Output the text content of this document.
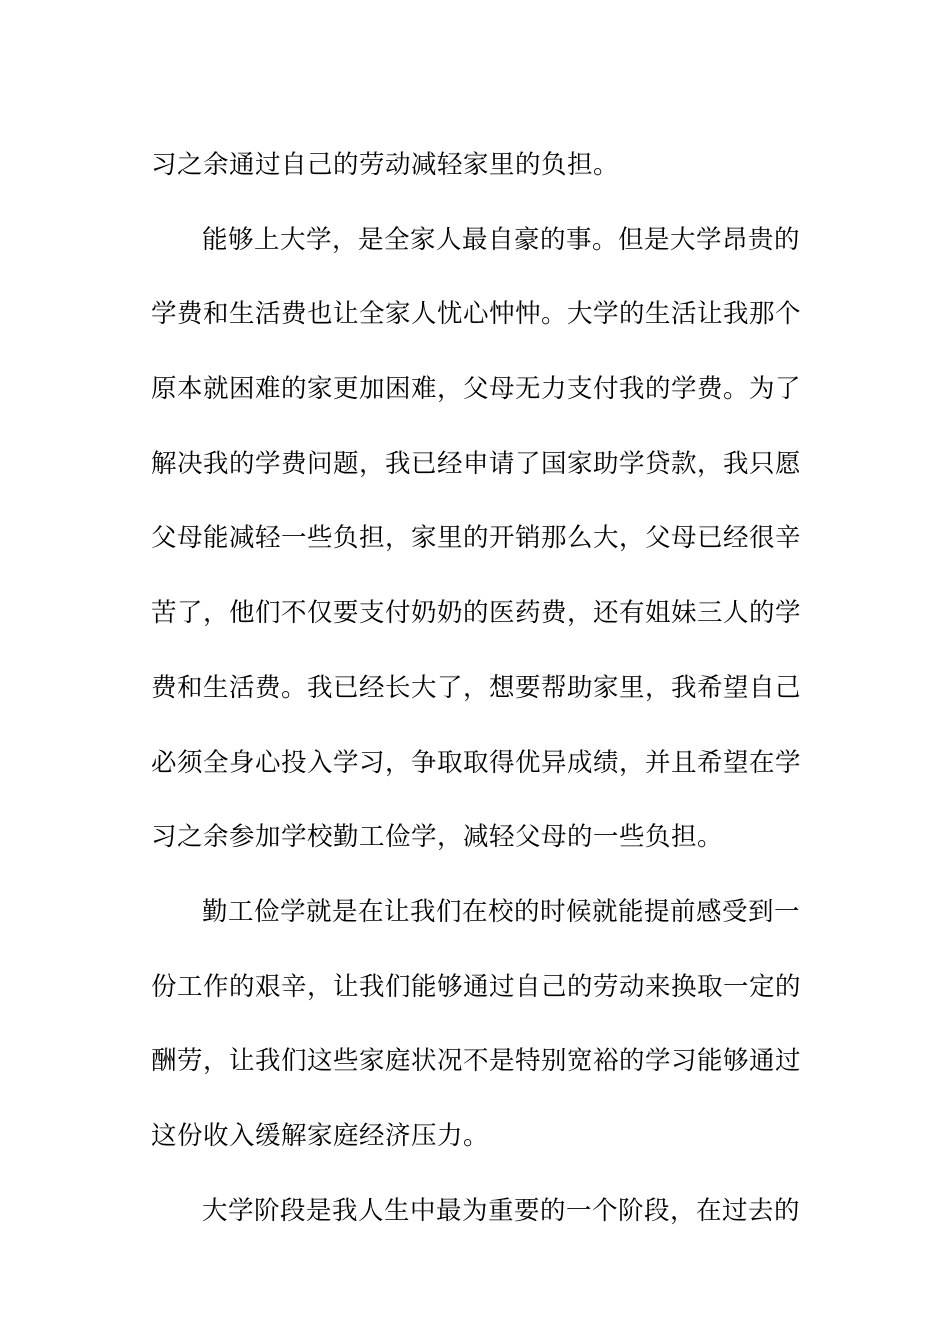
习之余通过自己的劳动减轻家里的负担。
能够上大学，是全家人最自豪的事。但是大学昂贵的
学费和生活费也让全家人忧心忡忡。大学的生活让我那个
原本就困难的家更加困难，父母无力支付我的学费。为了
解决我的学费问题，我已经申请了国家助学贷款，我只愿
父母能减轻一些负担，家里的开销那么大，父母已经很辛
苦了，他们不仅要支付奶奶的医药费，还有姐妹三人的学
费和生活费。我已经长大了，想要帮助家里，我希望自己
必须全身心投入学习，争取取得优异成绩，并且希望在学
习之余参加学校勤工俭学，减轻父母的一些负担。
勤工俭学就是在让我们在校的时候就能提前感受到一
份工作的艰辛，让我们能够通过自己的劳动来换取一定的
酬劳，让我们这些家庭状况不是特别宽裕的学习能够通过
这份收入缓解家庭经济压力。
大学阶段是我人生中最为重要的一个阶段，在过去的
